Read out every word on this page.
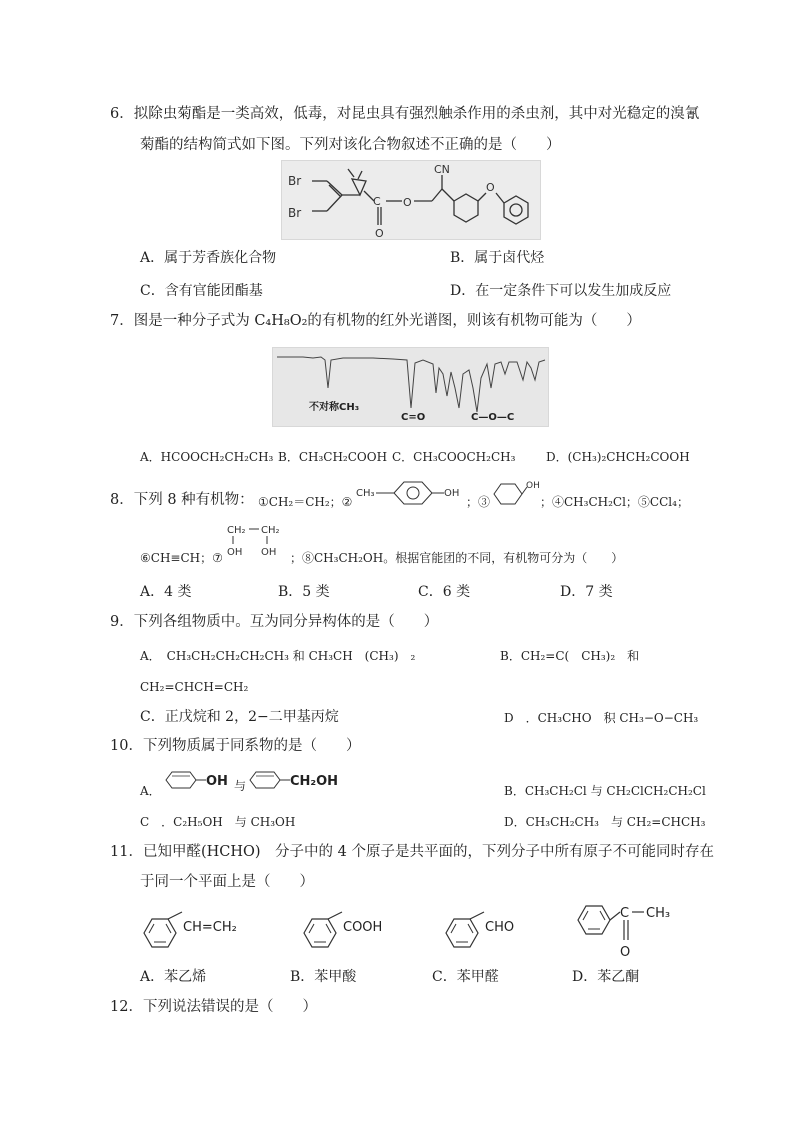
6．拟除虫菊酯是一类高效，低毒，对昆虫具有强烈触杀作用的杀虫剂，其中对光稳定的溴氰
菊酯的结构简式如下图。下列对该化合物叙述不正确的是（　　）
Br
Br
C
O
O
O
CN
A．属于芳香族化合物	B．属于卤代烃
C．含有官能团酯基	D．在一定条件下可以发生加成反应
7．图是一种分子式为 C₄H₈O₂的有机物的红外光谱图，则该有机物可能为（　　）
不对称CH₃
C=O	C—O—C
A．HCOOCH₂CH₂CH₃ B．CH₃CH₂COOH C．CH₃COOCH₂CH₃	D．(CH₃)₂CHCH₂COOH
8．下列 8 种有机物： ①CH₂＝CH₂；②
CH₃	OH
；③
OH
；④CH₃CH₂Cl；⑤CCl₄；
⑥CH≡CH；⑦
CH₂ CH₂
OH OH ；⑧CH₃CH₂OH。根据官能团的不同，有机物可分为（　　）
A．4 类	B．5 类	C．6 类	D．7 类
9．下列各组物质中。互为同分异构体的是（　　）
A．　CH₃CH₂CH₂CH₂CH₃ 和 CH₃CH　(CH₃)　₂	B．CH₂=C(　CH₃)₂　和
CH₂=CHCH=CH₂
C．正戊烷和 2，2−二甲基丙烷	D　．CH₃CHO　积 CH₃−O−CH₃
10．下列物质属于同系物的是（　　）
A．
OH 与	CH₂OH
B．CH₃CH₂Cl 与 CH₂ClCH₂CH₂Cl
C　．C₂H₅OH　与 CH₃OH	D．CH₃CH₂CH₃　与 CH₂=CHCH₃
11．已知甲醛(HCHO)　分子中的 4 个原子是共平面的，下列分子中所有原子不可能同时存在
于同一个平面上是（　　）
CH=CH₂	COOH	CHO
C CH₃
O
A．苯乙烯	B．苯甲酸	C．苯甲醛	D．苯乙酮
12．下列说法错误的是（　　）
